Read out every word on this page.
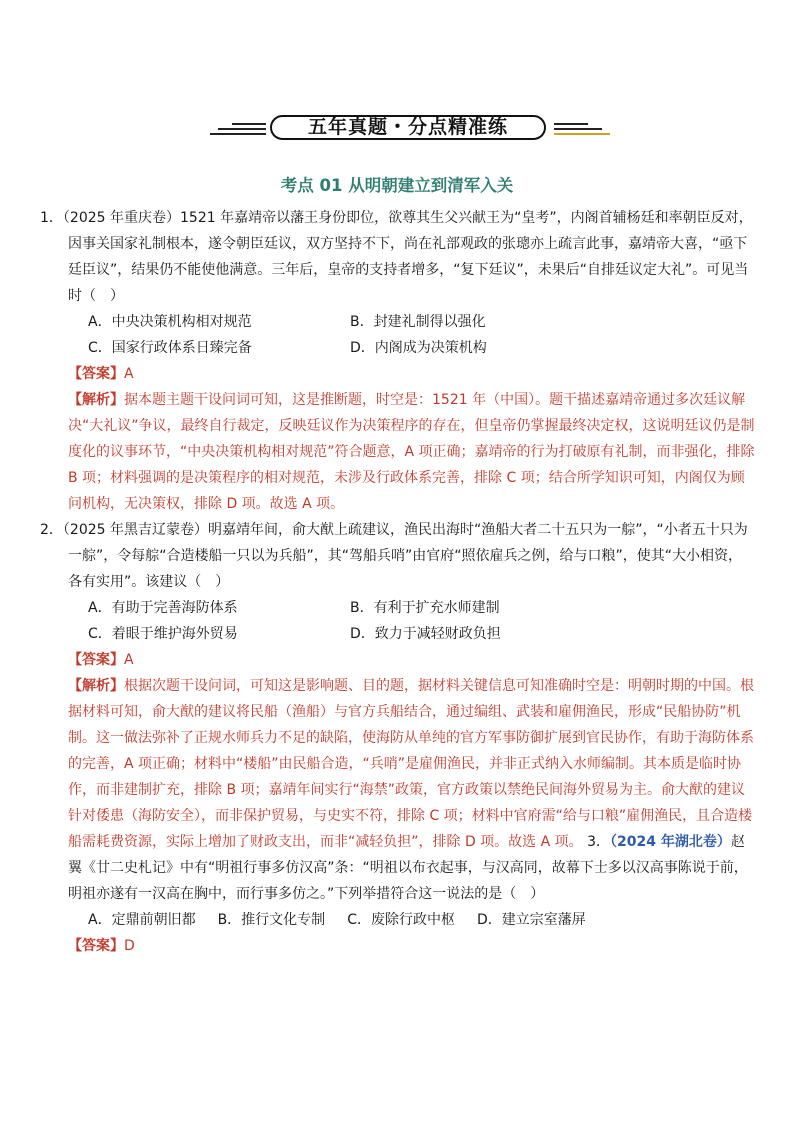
五年真题・分点精准练
考点 01 从明朝建立到清军入关

1．（2025 年重庆卷）1521 年嘉靖帝以藩王身份即位，欲尊其生父兴献王为“皇考”，内阁首辅杨廷和率朝臣反对，因事关国家礼制根本，遂令朝臣廷议，双方坚持不下，尚在礼部观政的张璁亦上疏言此事，嘉靖帝大喜，“亟下廷臣议”，结果仍不能使他满意。三年后，皇帝的支持者增多，“复下廷议”，未果后“自排廷议定大礼”。可见当时（　）

A．中央决策机构相对规范	B．封建礼制得以强化
C．国家行政体系日臻完备	D．内阁成为决策机构

【答案】A

【解析】据本题主题干设问词可知，这是推断题，时空是：1521 年（中国）。题干描述嘉靖帝通过多次廷议解决“大礼议”争议，最终自行裁定，反映廷议作为决策程序的存在，但皇帝仍掌握最终决定权，这说明廷议仍是制度化的议事环节，“中央决策机构相对规范”符合题意，A 项正确；嘉靖帝的行为打破原有礼制，而非强化，排除 B 项；材料强调的是决策程序的相对规范，未涉及行政体系完善，排除 C 项；结合所学知识可知，内阁仅为顾问机构，无决策权，排除 D 项。故选 A 项。

2．（2025 年黑吉辽蒙卷）明嘉靖年间，俞大猷上疏建议，渔民出海时“渔船大者二十五只为一䑸”，“小者五十只为一䑸”，令每䑸“合造楼船一只以为兵船”，其“驾船兵哨”由官府“照依雇兵之例，给与口粮”，使其“大小相资，各有实用”。该建议（　）

A．有助于完善海防体系	B．有利于扩充水师建制
C．着眼于维护海外贸易	D．致力于减轻财政负担

【答案】A

【解析】根据次题干设问词，可知这是影响题、目的题，据材料关键信息可知准确时空是：明朝时期的中国。根据材料可知，俞大猷的建议将民船（渔船）与官方兵船结合，通过编组、武装和雇佣渔民，形成“民船协防”机制。这一做法弥补了正规水师兵力不足的缺陷，使海防从单纯的官方军事防御扩展到官民协作，有助于海防体系的完善，A 项正确；材料中“楼船”由民船合造，“兵哨”是雇佣渔民，并非正式纳入水师编制。其本质是临时协作，而非建制扩充，排除 B 项；嘉靖年间实行“海禁”政策，官方政策以禁绝民间海外贸易为主。俞大猷的建议针对倭患（海防安全），而非保护贸易，与史实不符，排除 C 项；材料中官府需“给与口粮”雇佣渔民，且合造楼船需耗费资源，实际上增加了财政支出，而非“减轻负担”，排除 D 项。故选 A 项。 3．（2024 年湖北卷）赵翼《廿二史札记》中有“明祖行事多仿汉高”条：“明祖以布衣起事，与汉高同，故幕下士多以汉高事陈说于前，明祖亦遂有一汉高在胸中，而行事多仿之。”下列举措符合这一说法的是（　）

A．定鼎前朝旧都 B．推行文化专制 C．废除行政中枢 D．建立宗室藩屏

【答案】D
